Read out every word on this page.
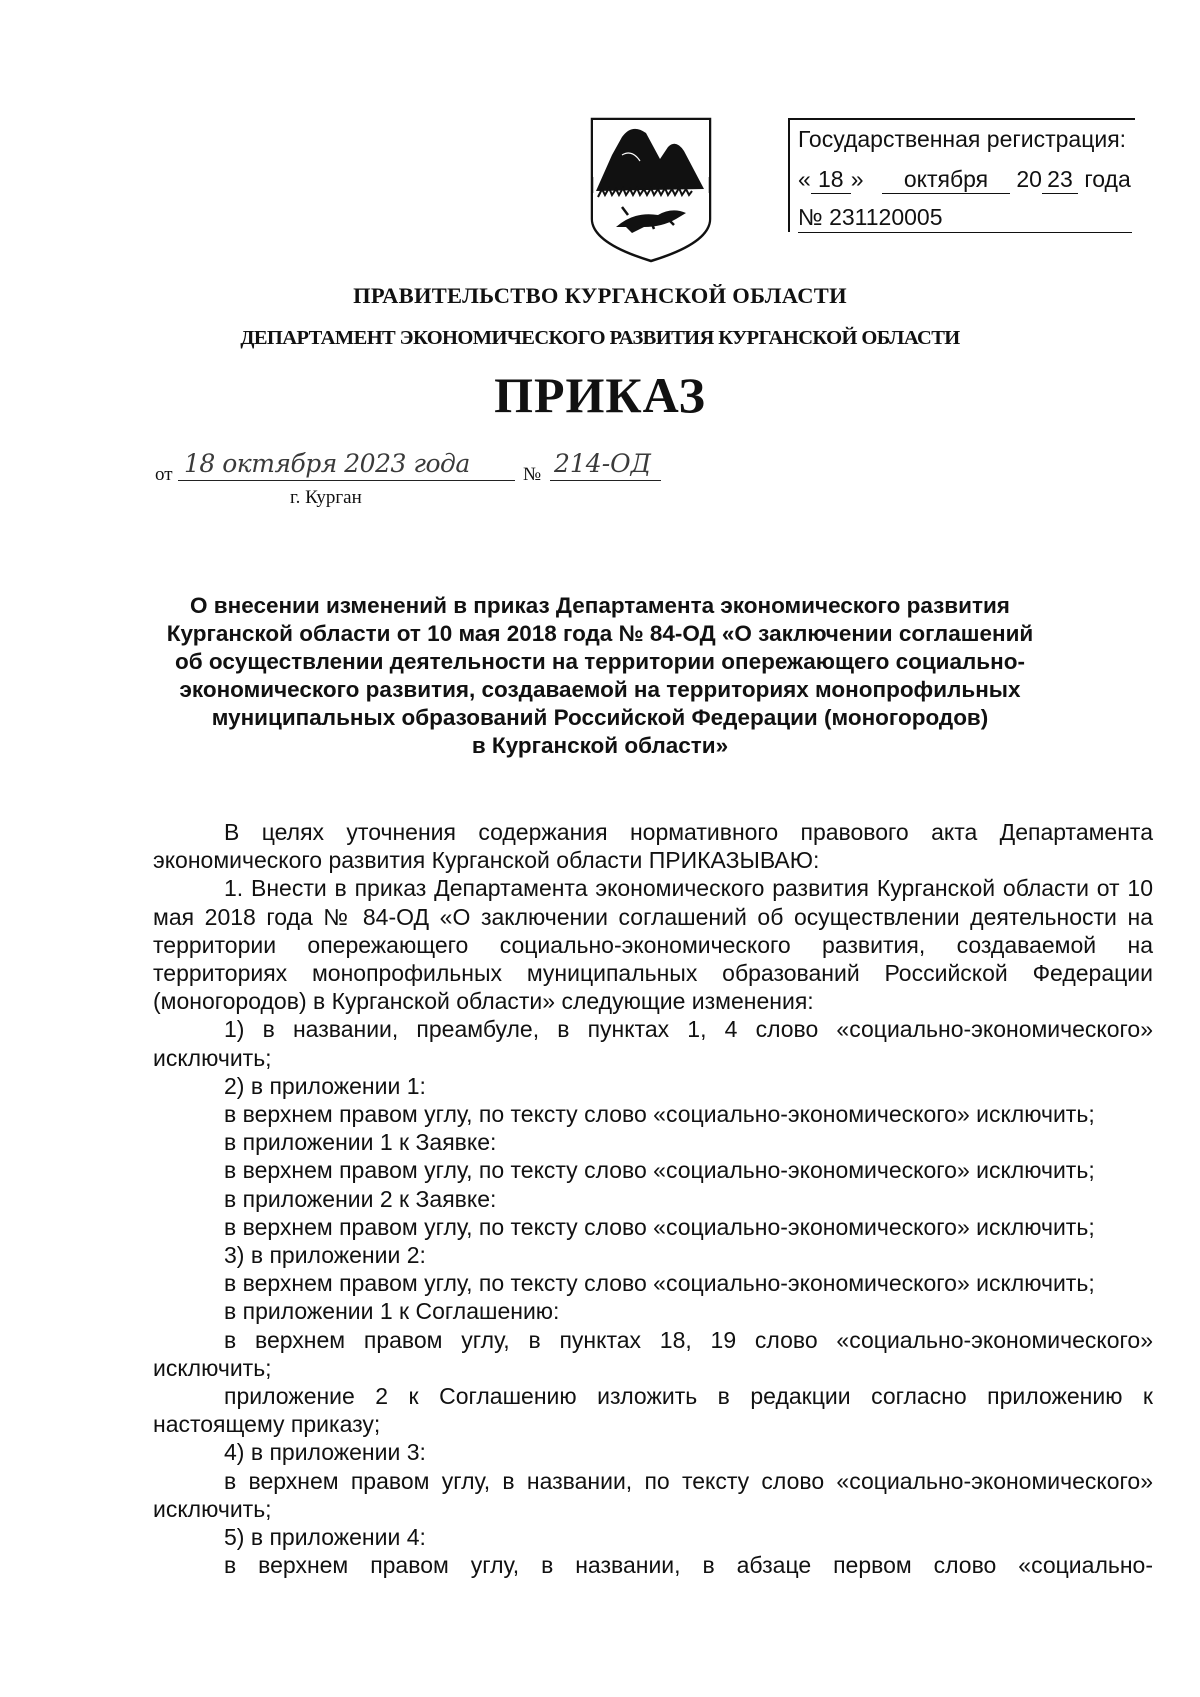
Государственная регистрация:
« 18 » октября 20 23 года
№ 231120005
ПРАВИТЕЛЬСТВО КУРГАНСКОЙ ОБЛАСТИ
ДЕПАРТАМЕНТ ЭКОНОМИЧЕСКОГО РАЗВИТИЯ КУРГАНСКОЙ ОБЛАСТИ
ПРИКАЗ
от 18 октября 2023 года	№ 214-ОД
г. Курган
О внесении изменений в приказ Департамента экономического развития
Курганской области от 10 мая 2018 года № 84-ОД «О заключении соглашений
об осуществлении деятельности на территории опережающего социально-
экономического развития, создаваемой на территориях монопрофильных
муниципальных образований Российской Федерации (моногородов)
в Курганской области»

В целях уточнения содержания нормативного правового акта Департамента экономического развития Курганской области ПРИКАЗЫВАЮ:

1. Внести в приказ Департамента экономического развития Курганской области от 10 мая 2018 года № 84-ОД «О заключении соглашений об осуществлении деятельности на территории опережающего социально-экономического развития, создаваемой на территориях монопрофильных муниципальных образований Российской Федерации (моногородов) в Курганской области» следующие изменения:

1) в названии, преамбуле, в пунктах 1, 4 слово «социально-экономического» исключить;

2) в приложении 1:

в верхнем правом углу, по тексту слово «социально-экономического» исключить;

в приложении 1 к Заявке:

в верхнем правом углу, по тексту слово «социально-экономического» исключить;

в приложении 2 к Заявке:

в верхнем правом углу, по тексту слово «социально-экономического» исключить;

3) в приложении 2:

в верхнем правом углу, по тексту слово «социально-экономического» исключить;

в приложении 1 к Соглашению:

в верхнем правом углу, в пунктах 18, 19 слово «социально-экономического» исключить;

приложение 2 к Соглашению изложить в редакции согласно приложению к настоящему приказу;

4) в приложении 3:

в верхнем правом углу, в названии, по тексту слово «социально-экономического» исключить;

5) в приложении 4:

в верхнем правом углу, в названии, в абзаце первом слово «социально-
